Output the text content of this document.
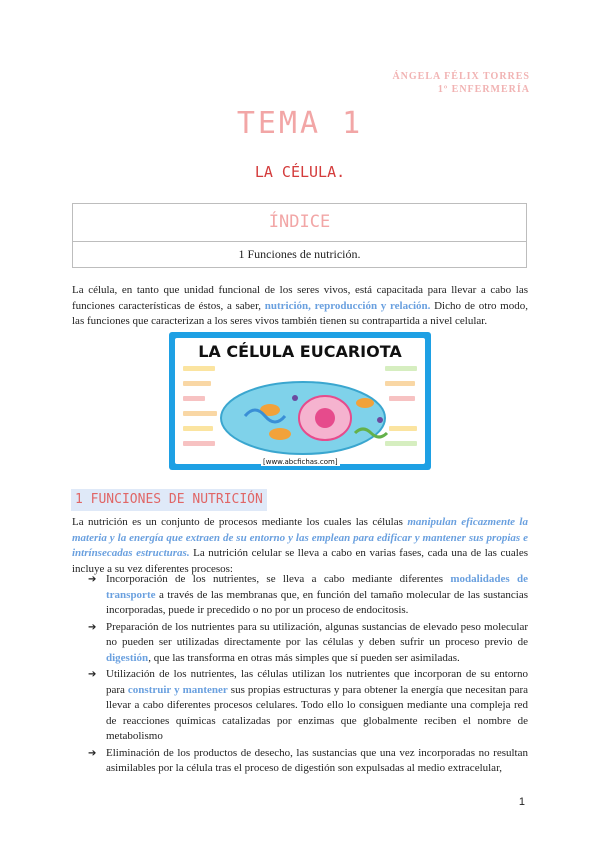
ÁNGELA FÉLIX TORRES
1º ENFERMERÍA
TEMA 1
LA CÉLULA.
ÍNDICE
1 Funciones de nutrición.
La célula, en tanto que unidad funcional de los seres vivos, está capacitada para llevar a cabo las funciones características de éstos, a saber, nutrición, reproducción y relación. Dicho de otro modo, las funciones que caracterizan a los seres vivos también tienen su contrapartida a nivel celular.
LA CÉLULA EUCARIOTA
[www.abcfichas.com]
1 FUNCIONES DE NUTRICIÓN
La nutrición es un conjunto de procesos mediante los cuales las células manipulan eficazmente la materia y la energía que extraen de su entorno y las emplean para edificar y mantener sus propias e intrínsecadas estructuras. La nutrición celular se lleva a cabo en varias fases, cada una de las cuales incluye a su vez diferentes procesos:
➔ Incorporación de los nutrientes, se lleva a cabo mediante diferentes modalidades de transporte a través de las membranas que, en función del tamaño molecular de las sustancias incorporadas, puede ir precedido o no por un proceso de endocitosis.
➔ Preparación de los nutrientes para su utilización, algunas sustancias de elevado peso molecular no pueden ser utilizadas directamente por las células y deben sufrir un proceso previo de digestión, que las transforma en otras más simples que sí pueden ser asimiladas.
➔ Utilización de los nutrientes, las células utilizan los nutrientes que incorporan de su entorno para construir y mantener sus propias estructuras y para obtener la energía que necesitan para llevar a cabo diferentes procesos celulares. Todo ello lo consiguen mediante una compleja red de reacciones químicas catalizadas por enzimas que globalmente reciben el nombre de metabolismo
➔ Eliminación de los productos de desecho, las sustancias que una vez incorporadas no resultan asimilables por la célula tras el proceso de digestión son expulsadas al medio extracelular,
1
